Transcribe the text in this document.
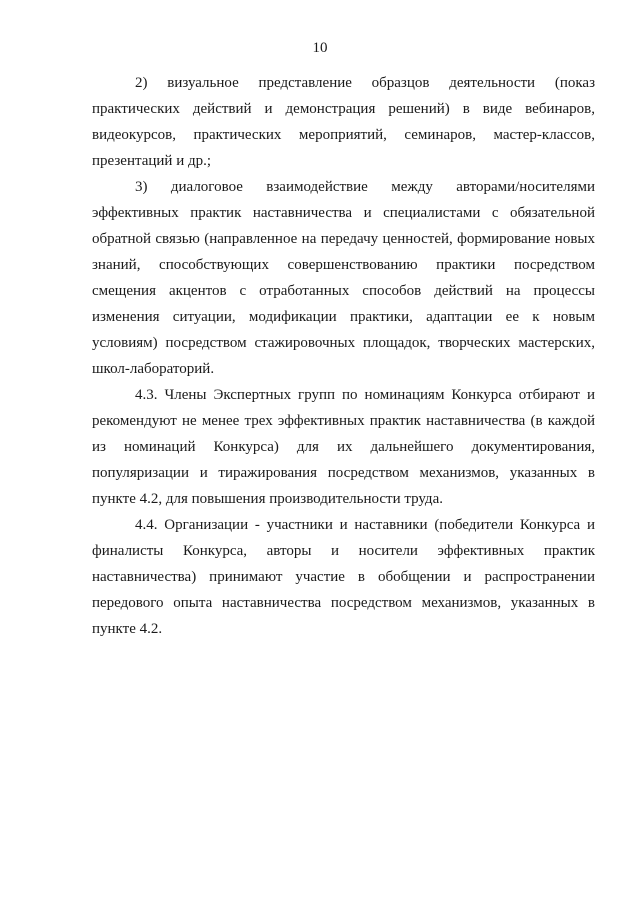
10

2) визуальное представление образцов деятельности (показ практических действий и демонстрация решений) в виде вебинаров, видеокурсов, практических мероприятий, семинаров, мастер-классов, презентаций и др.;

3) диалоговое взаимодействие между авторами/носителями эффективных практик наставничества и специалистами с обязательной обратной связью (направленное на передачу ценностей, формирование новых знаний, способствующих совершенствованию практики посредством смещения акцентов с отработанных способов действий на процессы изменения ситуации, модификации практики, адаптации ее к новым условиям) посредством стажировочных площадок, творческих мастерских, школ-лабораторий.

4.3. Члены Экспертных групп по номинациям Конкурса отбирают и рекомендуют не менее трех эффективных практик наставничества (в каждой из номинаций Конкурса) для их дальнейшего документирования, популяризации и тиражирования посредством механизмов, указанных в пункте 4.2, для повышения производительности труда.

4.4. Организации - участники и наставники (победители Конкурса и финалисты Конкурса, авторы и носители эффективных практик наставничества) принимают участие в обобщении и распространении передового опыта наставничества посредством механизмов, указанных в пункте 4.2.
